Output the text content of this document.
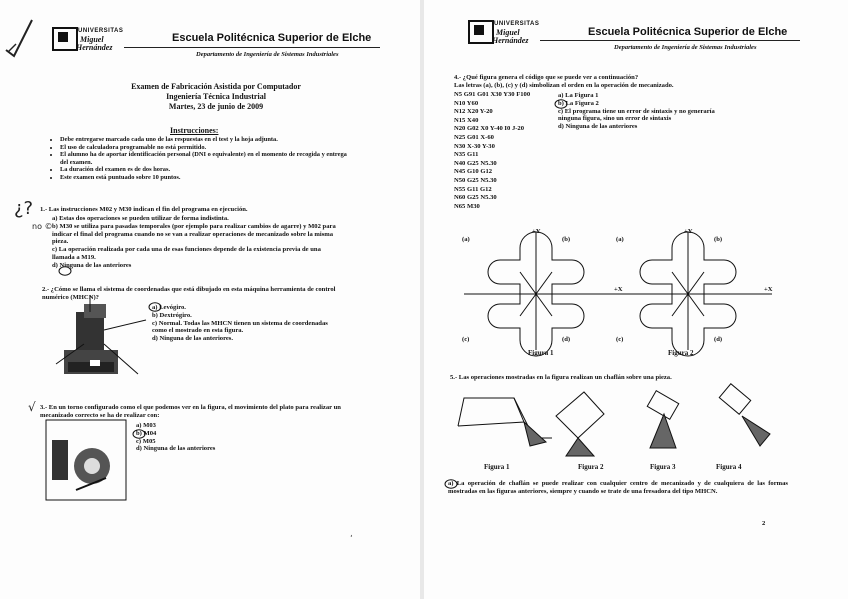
UNIVERSITAS
Miguel
Hernández
Escuela Politécnica Superior de Elche
Departamento de Ingeniería de Sistemas Industriales
Examen de Fabricación Asistida por Computador
Ingeniería Técnica Industrial
Martes, 23 de junio de 2009
Instrucciones:
• Debe entregarse marcado cada uno de las respuestas en el test y la hoja adjunta.
• El uso de calculadora programable no está permitido.
• El alumno ha de aportar identificación personal (DNI o equivalente) en el momento de recogida y entrega del examen.
• La duración del examen es de dos horas.
• Este examen está puntuado sobre 10 puntos.
¿? 1.- Las instrucciones M02 y M30 indican el fin del programa en ejecución.
no ©
a) Estas dos operaciones se pueden utilizar de forma indistinta.
b) M30 se utiliza para pasadas temporales (por ejemplo para realizar cambios de agarre) y M02 para indicar el final del programa cuando no se van a realizar operaciones de mecanizado sobre la misma pieza.
c) La operación realizada por cada una de esas funciones depende de la existencia previa de una llamada a M19.
d) Ninguna de las anteriores
2.- ¿Cómo se llama el sistema de coordenadas que está dibujado en esta máquina herramienta de control numérico (MHCN)?
a) Levógiro.
b) Dextrógiro.
c) Normal. Todas las MHCN tienen un sistema de coordenadas como el mostrado en esta figura.
d) Ninguna de las anteriores.
√ 3.- En un torno configurado como el que podemos ver en la figura, el movimiento del plato para realizar un mecanizado correcto se ha de realizar con:
a) M03
b) M04
c) M05
d) Ninguna de las anteriores
¸
UNIVERSITAS
Miguel
Hernández
Escuela Politécnica Superior de Elche
Departamento de Ingeniería de Sistemas Industriales
4.- ¿Qué figura genera el código que se puede ver a continuación?
Las letras (a), (b), (c) y (d) simbolizan el orden en la operación de mecanizado.
N5 G91 G01 X30 Y30 F100
N10 Y60
N12 X20 Y-20
N15 X40
N20 G02 X0 Y-40 I0 J-20
N25 G01 X-60
N30 X-30 Y-30
N35 G11
N40 G25 N5.30
N45 G10 G12
N50 G25 N5.30
N55 G11 G12
N60 G25 N5.30
N65 M30
a) La Figura 1
b) La Figura 2
c) El programa tiene un error de sintaxis y no generaría ninguna figura, sino un error de sintaxis
d) Ninguna de las anteriores
Figura 1
(a)	(b)
(c)	(d)
+Y
+X
Figura 2
(a)	(b)
(c)	(d)
+Y
+X
5.- Las operaciones mostradas en la figura realizan un chaflán sobre una pieza.
Figura 1	Figura 2	Figura 3	Figura 4
a) La operación de chaflán se puede realizar con cualquier centro de mecanizado y de cualquiera de las formas mostradas en las figuras anteriores, siempre y cuando se trate de una fresadora del tipo MHCN.
2
